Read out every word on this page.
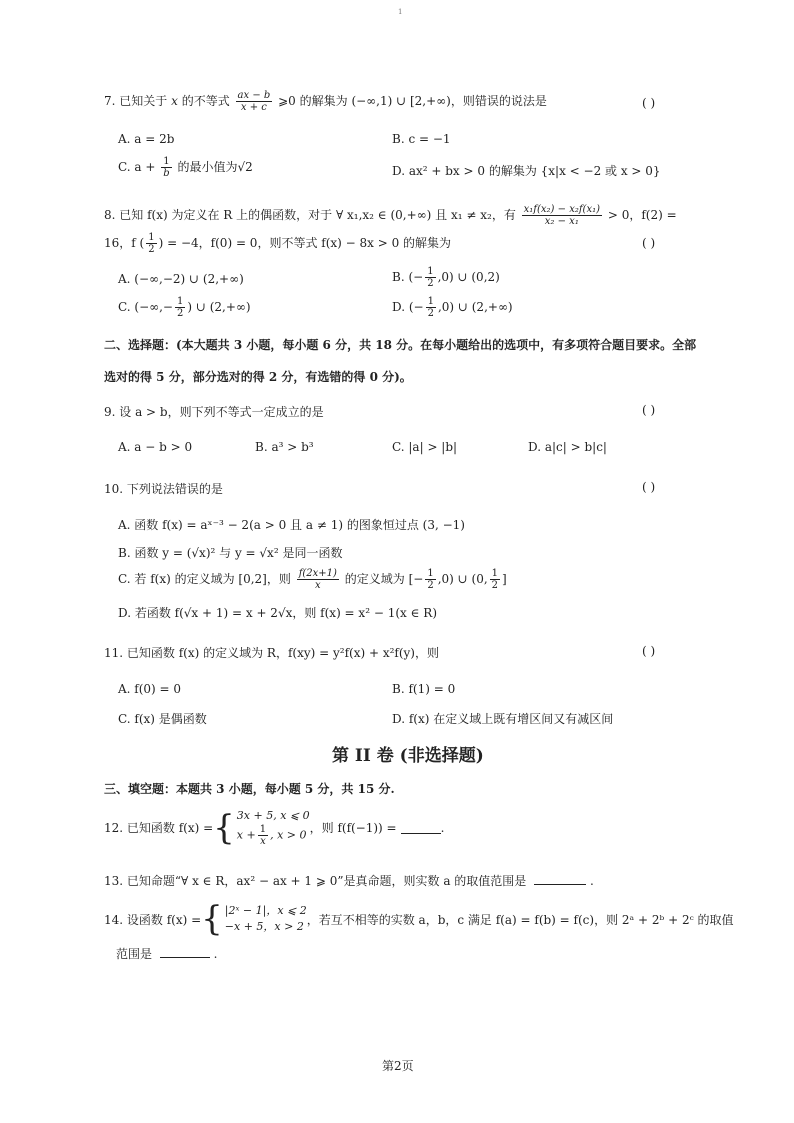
1
7. 已知关于 x 的不等式 $\frac{ax - b}{x + c}$ ⩾0 的解集为 (−∞,1) ∪ [2,+∞)，则错误的说法是	( )
A. a = 2b	B. c = −1
C. $a + \frac{1}{b}$ 的最小值为√2	D. ax² + bx > 0 的解集为 {x|x < −2 或 x > 0}
8. 已知 f(x) 为定义在 R 上的偶函数，对于 ∀ x₁,x₂ ∈ (0,+∞) 且 x₁ ≠ x₂，有 $\frac{\text{x₁f(x₂) − x₂f(x₁)}}{\text{x₂ − x₁}} > 0$，f(2) =
16，f ( $\frac{1}{2}$ ) = −4，f(0) = 0，则不等式 f(x) − 8x > 0 的解集为	( )
A. (−∞,−2) ∪ (2,+∞)	B. (− $\frac{1}{2} ,0$) ∪ (0,2)
C. (−∞,− $\frac{1}{2}$ ) ∪ (2,+∞)	D. (− $\frac{1}{2} ,0$) ∪ (2,+∞)
二、选择题：(本大题共 3 小题，每小题 6 分，共 18 分。在每小题给出的选项中，有多项符合题目要求。全部
选对的得 5 分，部分选对的得 2 分，有选错的得 0 分)。
9. 设 a > b，则下列不等式一定成立的是	( )
A. a − b > 0	B. a³ > b³	C. |a| > |b|	D. a|c| > b|c|
10. 下列说法错误的是	( )
A. 函数 f(x) = aˣ⁻³ − 2(a > 0 且 a ≠ 1) 的图象恒过点 (3, −1)
B. 函数 y = (√x)² 与 y = √x² 是同一函数
C. 若 f(x) 的定义域为 [0,2]，则 $\frac{f(2x+1)}{x}$ 的定义域为 [− $\frac{1}{2} ,0$) ∪ (0, $\frac{1}{2}$ ]
D. 若函数 f(√x + 1) = x + 2√x，则 f(x) = x² − 1(x ∈ R)
11. 已知函数 f(x) 的定义域为 R，f(xy) = y²f(x) + x²f(y)，则	( )
A. f(0) = 0	B. f(1) = 0
C. f(x) 是偶函数	D. f(x) 在定义域上既有增区间又有减区间
第 II 卷 (非选择题)
三、填空题：本题共 3 小题，每小题 5 分，共 15 分.
12. 已知函数 f(x) = { 3x + 5, x ⩽ 0
$x + \frac{1}{x}$ , x > 0 ，则 f(f(−1)) =	.
13. 已知命题“∀ x ∈ R，ax² − ax + 1 ⩾ 0”是真命题，则实数 a 的取值范围是	.
14. 设函数 f(x) = { |2ˣ − 1|，x ⩽ 2
−x + 5，x > 2 ，若互不相等的实数 a，b，c 满足 f(a) = f(b) = f(c)，则 2ᵃ + 2ᵇ + 2ᶜ 的取值
范围是	.
第2页
